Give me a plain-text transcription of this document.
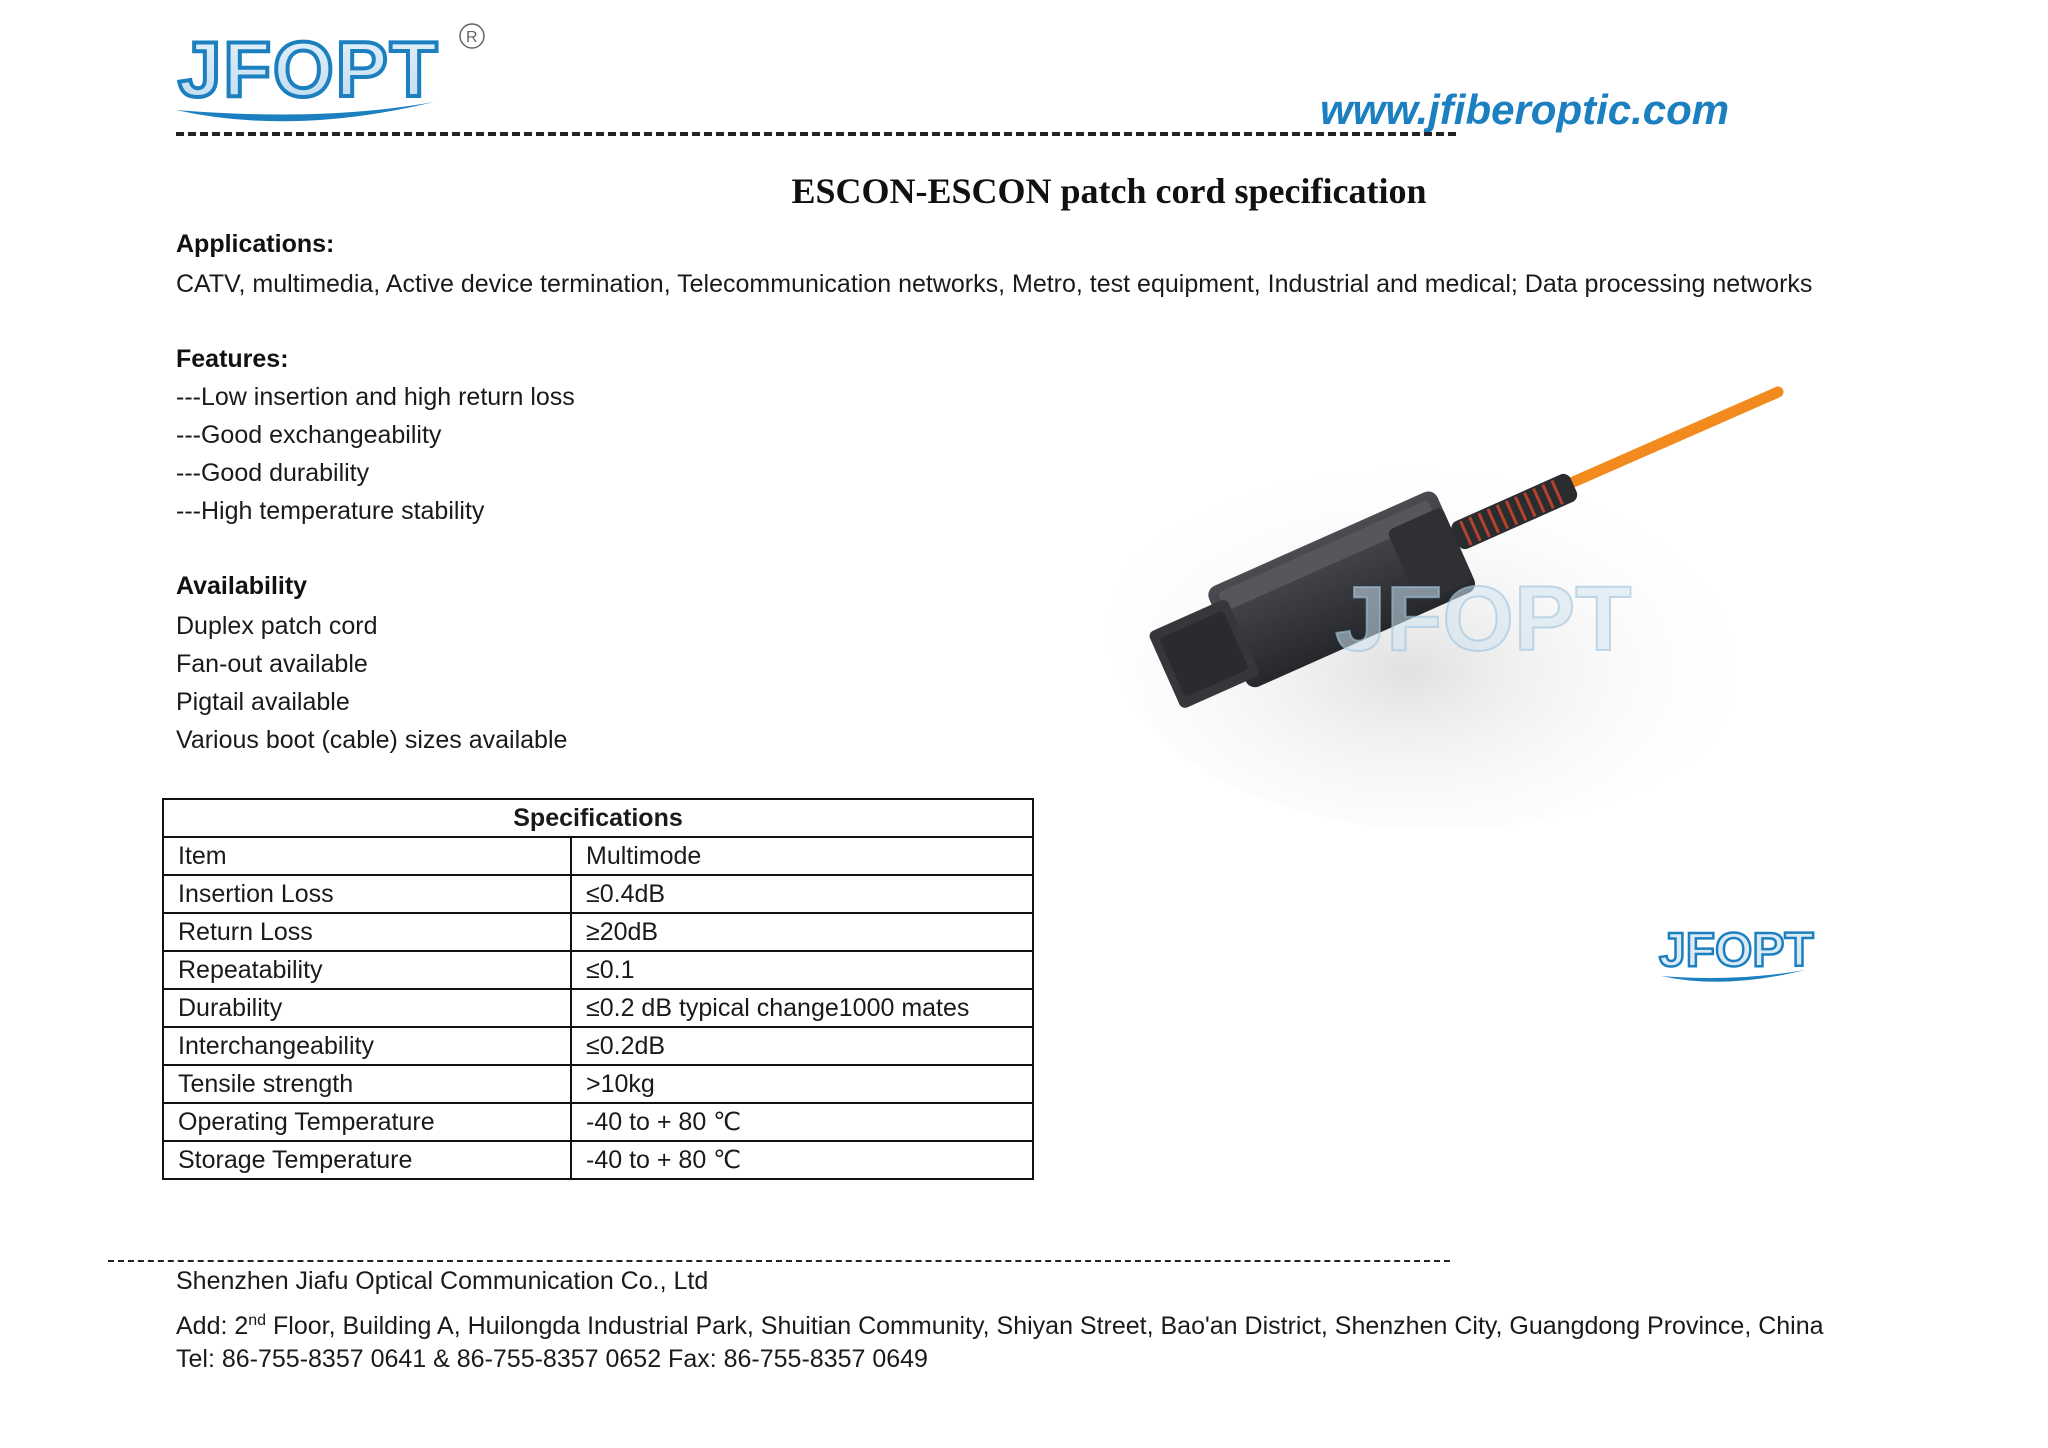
JFOPT R
www.jfiberoptic.com
ESCON-ESCON patch cord specification
Applications:
CATV, multimedia, Active device termination, Telecommunication networks, Metro, test equipment, Industrial and medical; Data processing networks
Features:
---Low insertion and high return loss
---Good exchangeability
---Good durability
---High temperature stability
Availability
Duplex patch cord
Fan-out available
Pigtail available
Various boot (cable) sizes available
Specifications	
Item	Multimode
Insertion Loss	≤0.4dB
Return Loss	≥20dB
Repeatability	≤0.1
Durability	≤0.2 dB typical change1000 mates
Interchangeability	≤0.2dB
Tensile strength	>10kg
Operating Temperature	-40 to + 80 ℃
Storage Temperature	-40 to + 80 ℃
JFOPT
JFOPT
Shenzhen Jiafu Optical Communication Co., Ltd
Add: 2nd Floor, Building A, Huilongda Industrial Park, Shuitian Community, Shiyan Street, Bao'an District, Shenzhen City, Guangdong Province, China
Tel: 86-755-8357 0641 & 86-755-8357 0652 Fax: 86-755-8357 0649
